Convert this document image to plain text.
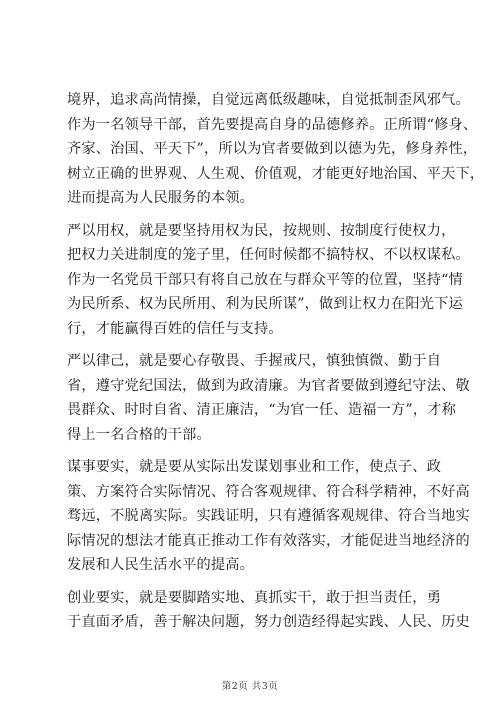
境界，追求高尚情操，自觉远离低级趣味，自觉抵制歪风邪气。
作为一名领导干部，首先要提高自身的品德修养。正所谓“修身、
齐家、治国、平天下”，所以为官者要做到以德为先，修身养性，
树立正确的世界观、人生观、价值观，才能更好地治国、平天下，
进而提高为人民服务的本领。
严以用权，就是要坚持用权为民，按规则、按制度行使权力，
把权力关进制度的笼子里，任何时候都不搞特权、不以权谋私。
作为一名党员干部只有将自己放在与群众平等的位置，坚持“情
为民所系、权为民所用、利为民所谋”，做到让权力在阳光下运
行，才能赢得百姓的信任与支持。
严以律己，就是要心存敬畏、手握戒尺，慎独慎微、勤于自
省，遵守党纪国法，做到为政清廉。为官者要做到遵纪守法、敬
畏群众、时时自省、清正廉洁，“为官一任、造福一方”，才称
得上一名合格的干部。
谋事要实，就是要从实际出发谋划事业和工作，使点子、政
策、方案符合实际情况、符合客观规律、符合科学精神，不好高
骛远，不脱离实际。实践证明，只有遵循客观规律、符合当地实
际情况的想法才能真正推动工作有效落实，才能促进当地经济的
发展和人民生活水平的提高。
创业要实，就是要脚踏实地、真抓实干，敢于担当责任，勇
于直面矛盾，善于解决问题，努力创造经得起实践、人民、历史
第2页 共3页
